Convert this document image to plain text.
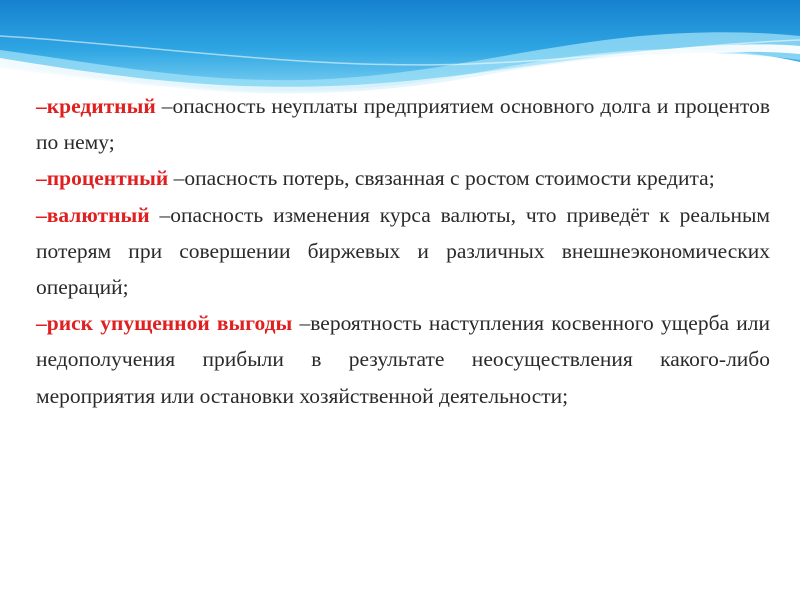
–кредитный –опасность неуплаты предприятием основного долга и процентов по нему;

–процентный –опасность потерь, связанная с ростом стоимости кредита;

–валютный –опасность изменения курса валюты, что приведёт к реальным потерям при совершении биржевых и различных внешнеэкономических операций;

–риск упущенной выгоды –вероятность наступления косвенного ущерба или недополучения прибыли в результате неосуществления какого-либо мероприятия или остановки хозяйственной деятельности;
